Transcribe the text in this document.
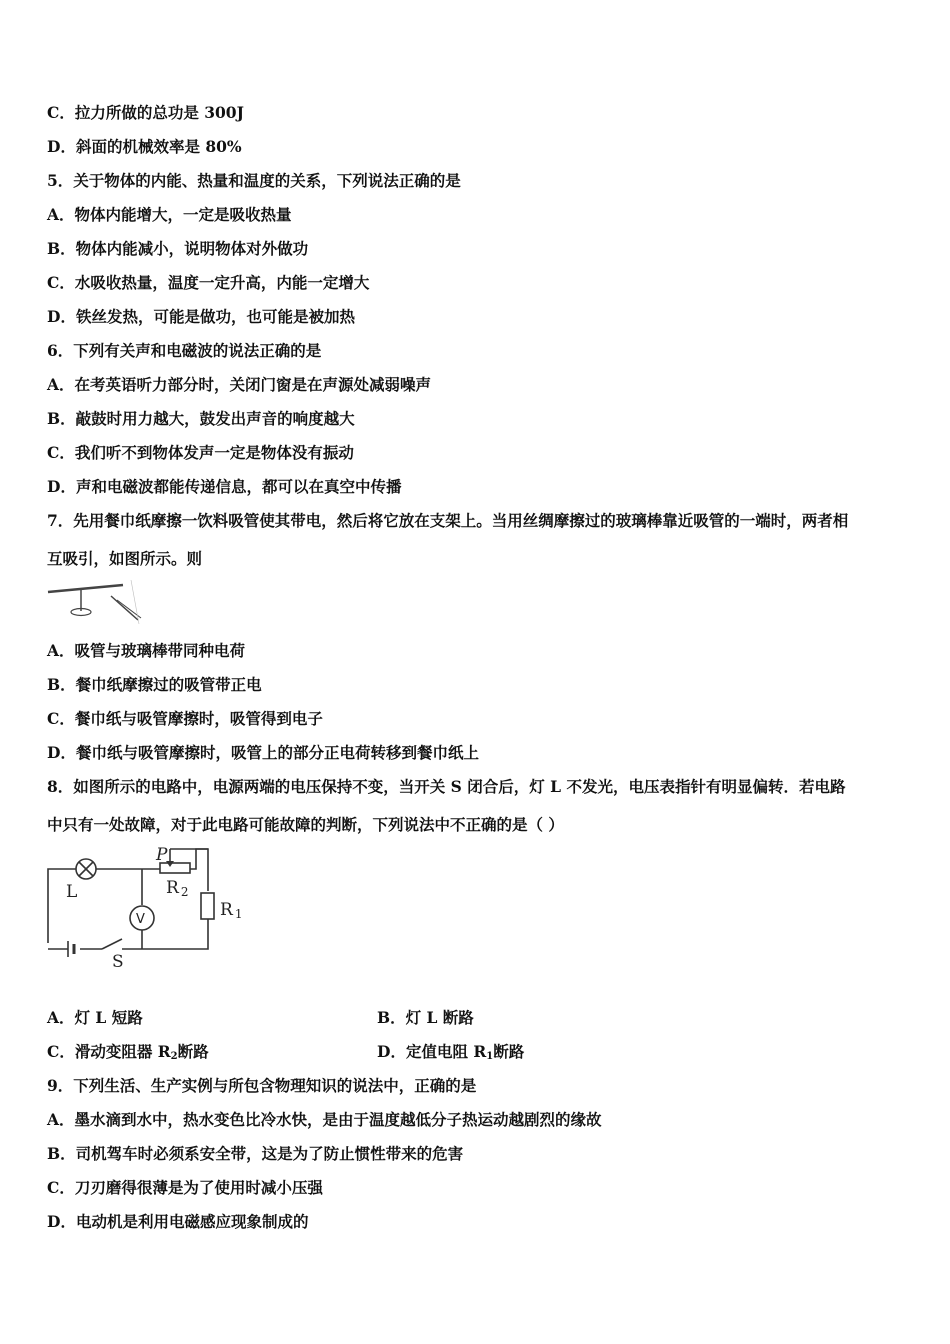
C．拉力所做的总功是 300J
D．斜面的机械效率是 80%
5．关于物体的内能、热量和温度的关系，下列说法正确的是
A．物体内能增大，一定是吸收热量
B．物体内能减小，说明物体对外做功
C．水吸收热量，温度一定升高，内能一定增大
D．铁丝发热，可能是做功，也可能是被加热
6．下列有关声和电磁波的说法正确的是
A．在考英语听力部分时，关闭门窗是在声源处减弱噪声
B．敲鼓时用力越大，鼓发出声音的响度越大
C．我们听不到物体发声一定是物体没有振动
D．声和电磁波都能传递信息，都可以在真空中传播
7．先用餐巾纸摩擦一饮料吸管使其带电，然后将它放在支架上。当用丝绸摩擦过的玻璃棒靠近吸管的一端时，两者相
互吸引，如图所示。则
A．吸管与玻璃棒带同种电荷
B．餐巾纸摩擦过的吸管带正电
C．餐巾纸与吸管摩擦时，吸管得到电子
D．餐巾纸与吸管摩擦时，吸管上的部分正电荷转移到餐巾纸上
8．如图所示的电路中，电源两端的电压保持不变，当开关 S 闭合后，灯 L 不发光，电压表指针有明显偏转．若电路
中只有一处故障，对于此电路可能故障的判断，下列说法中不正确的是（ ）
L
P
R 2
R 1
V
S
A．灯 L 短路	B．灯 L 断路
C．滑动变阻器 $R_2$断路	D．定值电阻 $R_1$断路
9．下列生活、生产实例与所包含物理知识的说法中，正确的是
A．墨水滴到水中，热水变色比冷水快，是由于温度越低分子热运动越剧烈的缘故
B．司机驾车时必须系安全带，这是为了防止惯性带来的危害
C．刀刃磨得很薄是为了使用时减小压强
D．电动机是利用电磁感应现象制成的
